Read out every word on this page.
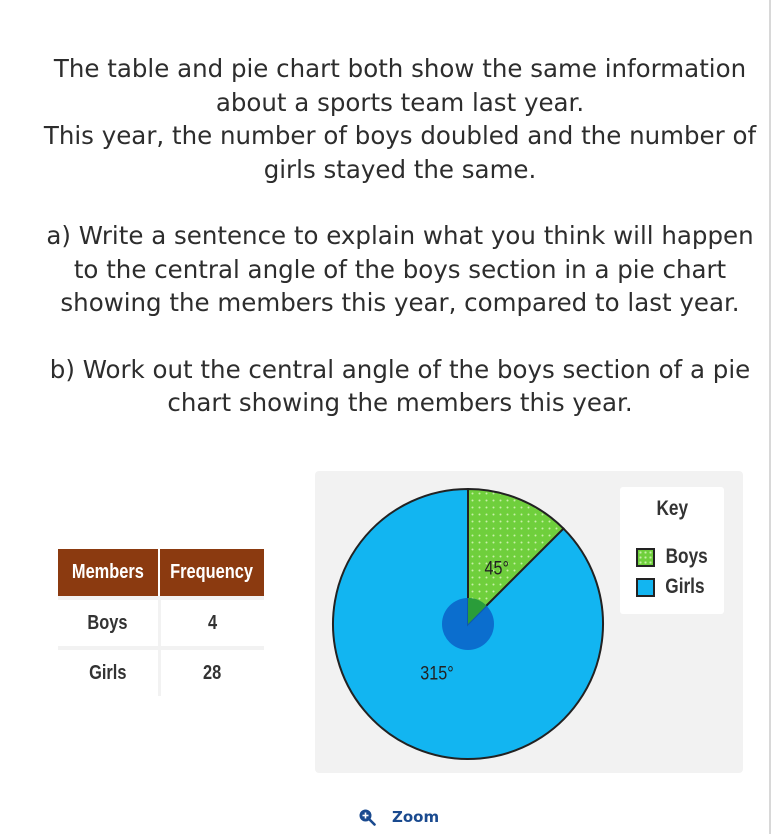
The table and pie chart both show the same information
about a sports team last year.
This year, the number of boys doubled and the number of
girls stayed the same.
a) Write a sentence to explain what you think will happen
to the central angle of the boys section in a pie chart
showing the members this year, compared to last year.
b) Work out the central angle of the boys section of a pie
chart showing the members this year.
Members	Frequency
Boys	4
Girls	28
45°
315°
Key
Boys
Girls
Zoom
